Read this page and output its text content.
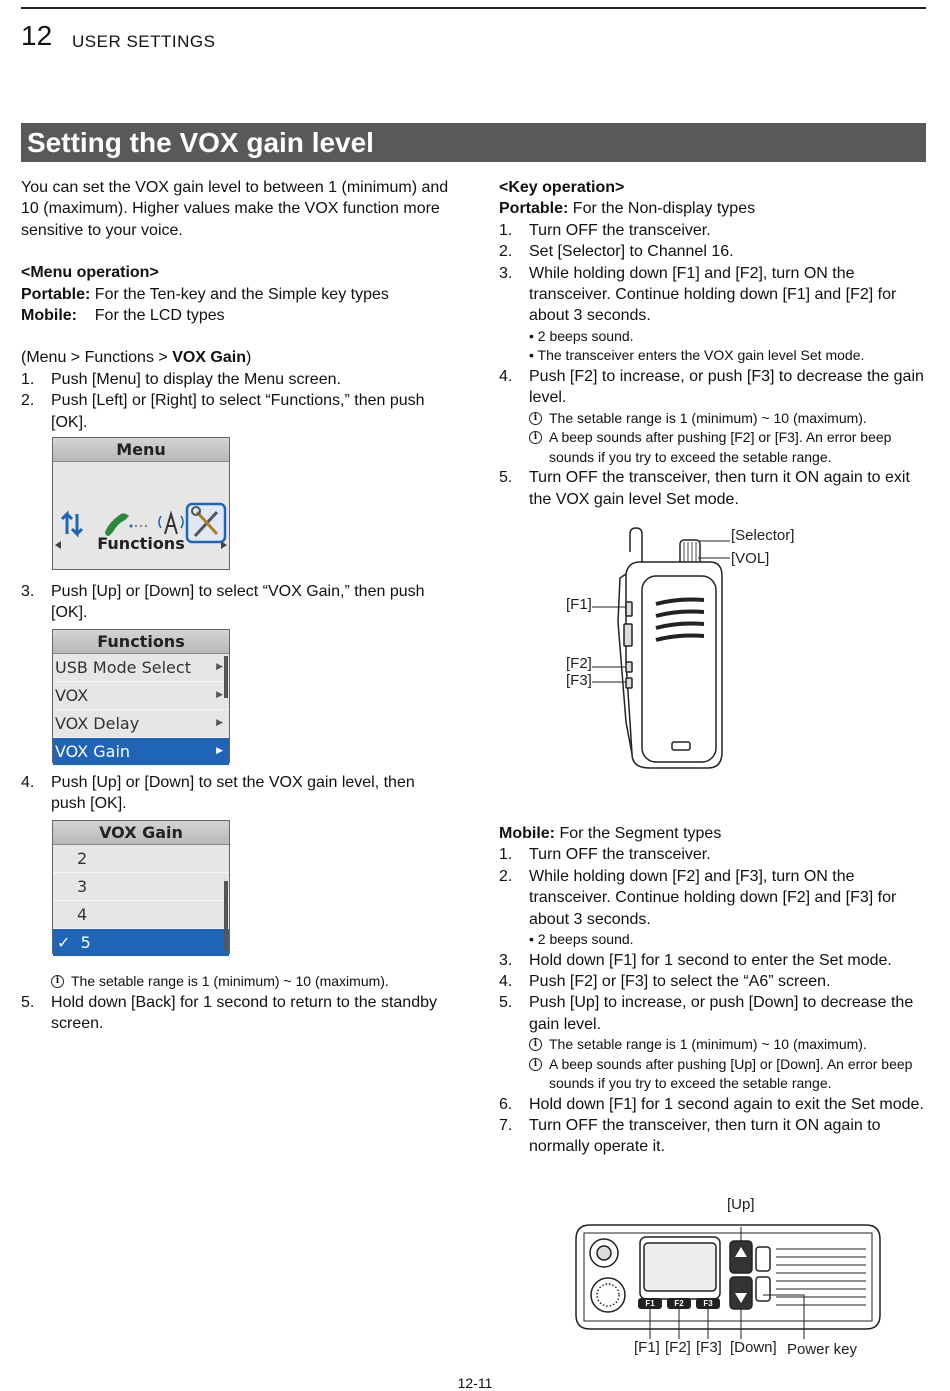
12 USER SETTINGS
Setting the VOX gain level

You can set the VOX gain level to between 1 (minimum) and 10 (maximum). Higher values make the VOX function more sensitive to your voice.

<Menu operation>

Portable: For the Ten-key and the Simple key types

Mobile: For the LCD types

(Menu > Functions > VOX Gain)

1. Push [Menu] to display the Menu screen.
2. Push [Left] or [Right] to select “Functions,” then push [OK].
Menu
Functions
3. Push [Up] or [Down] to select “VOX Gain,” then push [OK].
Functions
USB Mode Select	▶
VOX	▶
VOX Delay	▶
VOX Gain	▶
4. Push [Up] or [Down] to set the VOX gain level, then push [OK].
VOX Gain
2
3
4
✓ 5
i The setable range is 1 (minimum) ~ 10 (maximum).
5. Hold down [Back] for 1 second to return to the standby screen.

<Key operation>

Portable: For the Non-display types

1. Turn OFF the transceiver.
2. Set [Selector] to Channel 16.
3. While holding down [F1] and [F2], turn ON the transceiver. Continue holding down [F1] and [F2] for about 3 seconds.
• 2 beeps sound.
• The transceiver enters the VOX gain level Set mode.
4. Push [F2] to increase, or push [F3] to decrease the gain level.
i The setable range is 1 (minimum) ~ 10 (maximum).
i A beep sounds after pushing [F2] or [F3]. An error beep sounds if you try to exceed the setable range.
5. Turn OFF the transceiver, then turn it ON again to exit the VOX gain level Set mode.
[Selector]
[VOL]
[F1]
[F2]
[F3]

Mobile: For the Segment types

1. Turn OFF the transceiver.
2. While holding down [F2] and [F3], turn ON the transceiver. Continue holding down [F2] and [F3] for about 3 seconds.
• 2 beeps sound.
3. Hold down [F1] for 1 second to enter the Set mode.
4. Push [F2] or [F3] to select the “A6” screen.
5. Push [Up] to increase, or push [Down] to decrease the gain level.
i The setable range is 1 (minimum) ~ 10 (maximum).
i A beep sounds after pushing [Up] or [Down]. An error beep sounds if you try to exceed the setable range.
6. Hold down [F1] for 1 second again to exit the Set mode.
7. Turn OFF the transceiver, then turn it ON again to normally operate it.
F1	F2	F3
[Up]
[F1] [F2] [F3] [Down] Power key
12-11
